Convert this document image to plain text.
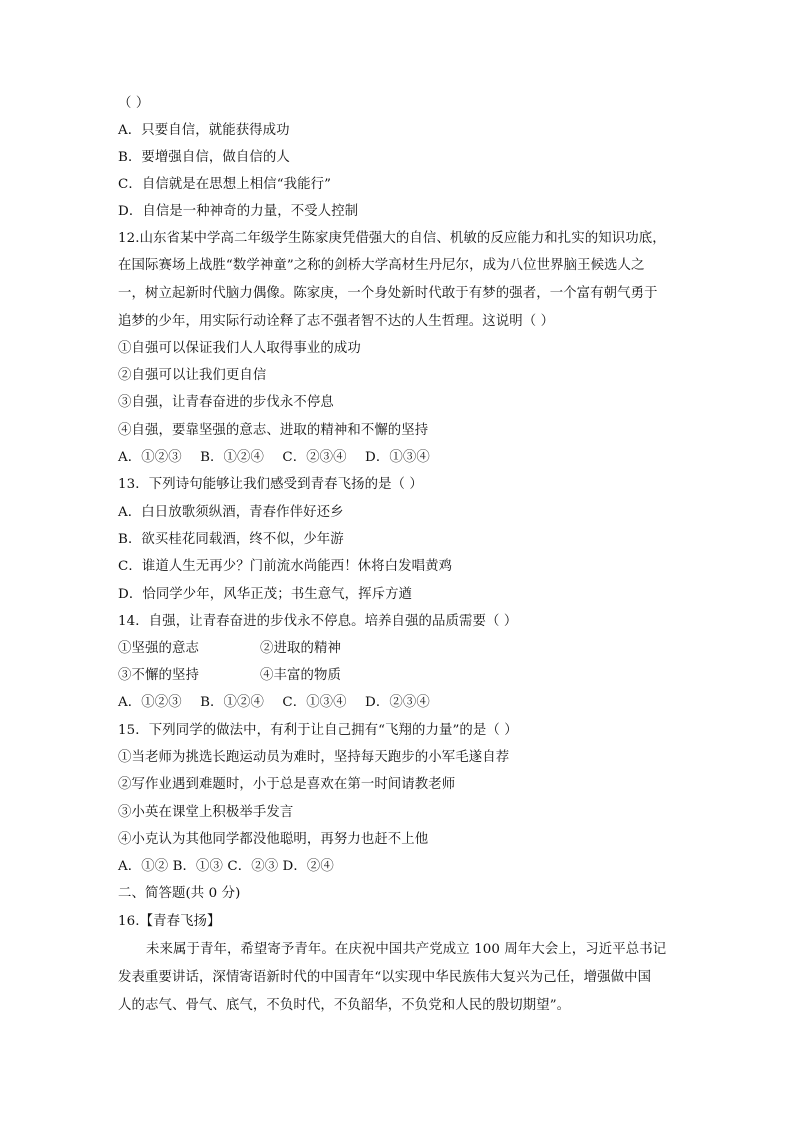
（ ）
A．只要自信，就能获得成功
B．要增强自信，做自信的人
C．自信就是在思想上相信“我能行”
D．自信是一种神奇的力量，不受人控制
12.山东省某中学高二年级学生陈家庚凭借强大的自信、机敏的反应能力和扎实的知识功底，
在国际赛场上战胜“数学神童”之称的剑桥大学高材生丹尼尔，成为八位世界脑王候选人之
一，树立起新时代脑力偶像。陈家庚，一个身处新时代敢于有梦的强者，一个富有朝气勇于
追梦的少年，用实际行动诠释了志不强者智不达的人生哲理。这说明（ ）
①自强可以保证我们人人取得事业的成功
②自强可以让我们更自信
③自强，让青春奋进的步伐永不停息
④自强，要靠坚强的意志、进取的精神和不懈的坚持
A．①②③ B．①②④ C．②③④ D．①③④
13．下列诗句能够让我们感受到青春飞扬的是（ ）
A．白日放歌须纵酒，青春作伴好还乡
B．欲买桂花同载酒，终不似，少年游
C．谁道人生无再少？门前流水尚能西！休将白发唱黄鸡
D．恰同学少年，风华正茂；书生意气，挥斥方遒
14．自强，让青春奋进的步伐永不停息。培养自强的品质需要（ ）
①坚强的意志	②进取的精神
③不懈的坚持	④丰富的物质
A．①②③ B．①②④ C．①③④ D．②③④
15．下列同学的做法中，有利于让自己拥有“飞翔的力量”的是（ ）
①当老师为挑选长跑运动员为难时，坚持每天跑步的小军毛遂自荐
②写作业遇到难题时，小于总是喜欢在第一时间请教老师
③小英在课堂上积极举手发言
④小克认为其他同学都没他聪明，再努力也赶不上他
A．①② B．①③ C．②③ D．②④
二、简答题(共 0 分)
16.【青春飞扬】
未来属于青年，希望寄予青年。在庆祝中国共产党成立 100 周年大会上，习近平总书记
发表重要讲话，深情寄语新时代的中国青年“以实现中华民族伟大复兴为己任，增强做中国
人的志气、骨气、底气，不负时代，不负韶华，不负党和人民的殷切期望”。
